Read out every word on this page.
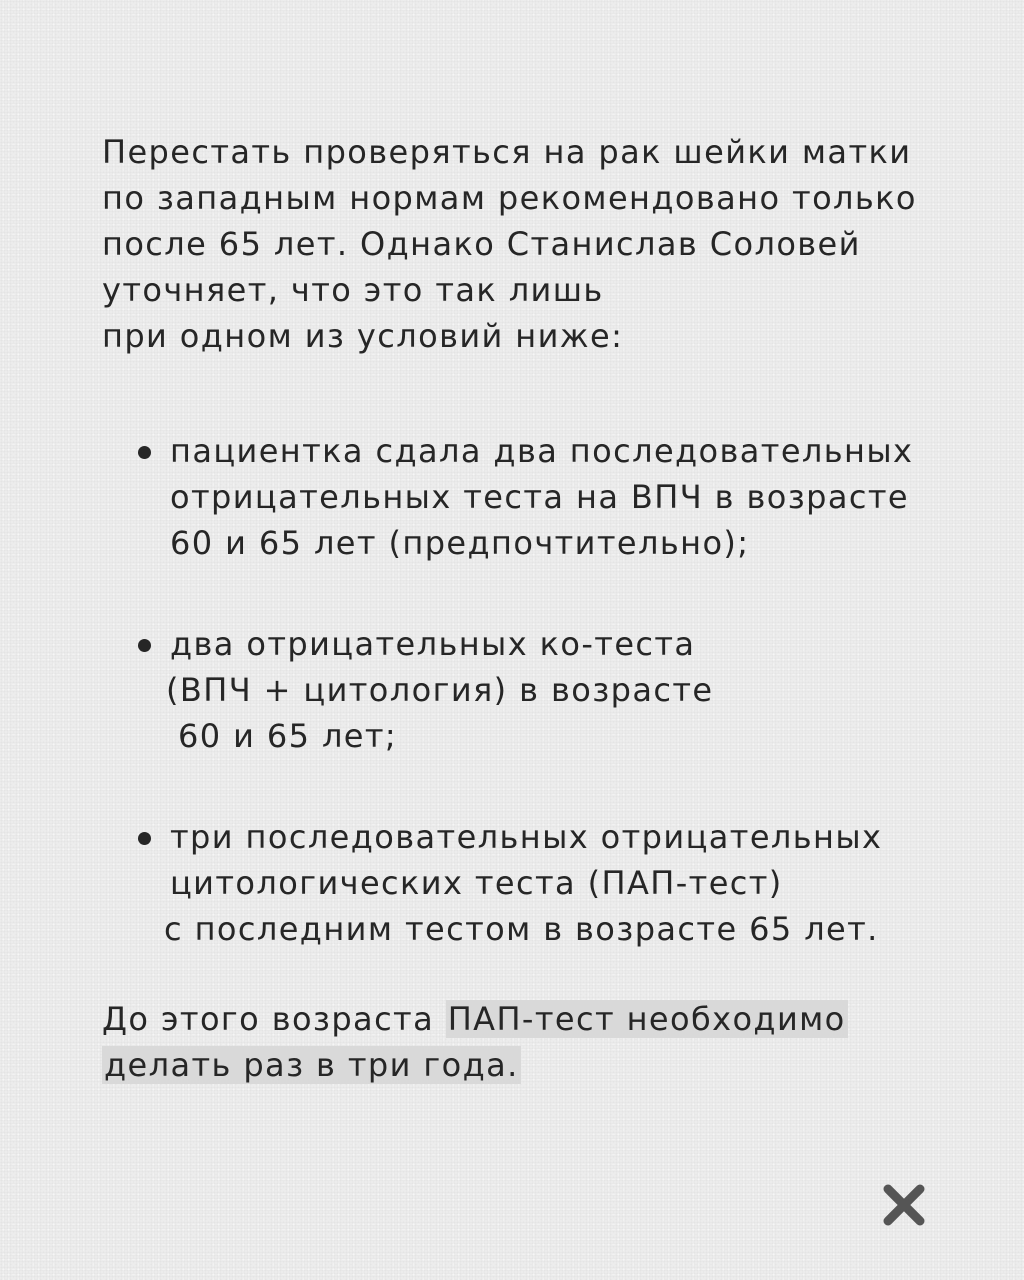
Перестать проверяться на рак шейки матки
по западным нормам рекомендовано только
после 65 лет. Однако Станислав Соловей
уточняет, что это так лишь
при одном из условий ниже:
пациентка сдала два последовательных
отрицательных теста на ВПЧ в возрасте
60 и 65 лет (предпочтительно);
два отрицательных ко-теста
(ВПЧ + цитология) в возрасте
60 и 65 лет;
три последовательных отрицательных
цитологических теста (ПАП-тест)
с последним тестом в возрасте 65 лет.
До этого возраста ПАП-тест необходимо
делать раз в три года.
